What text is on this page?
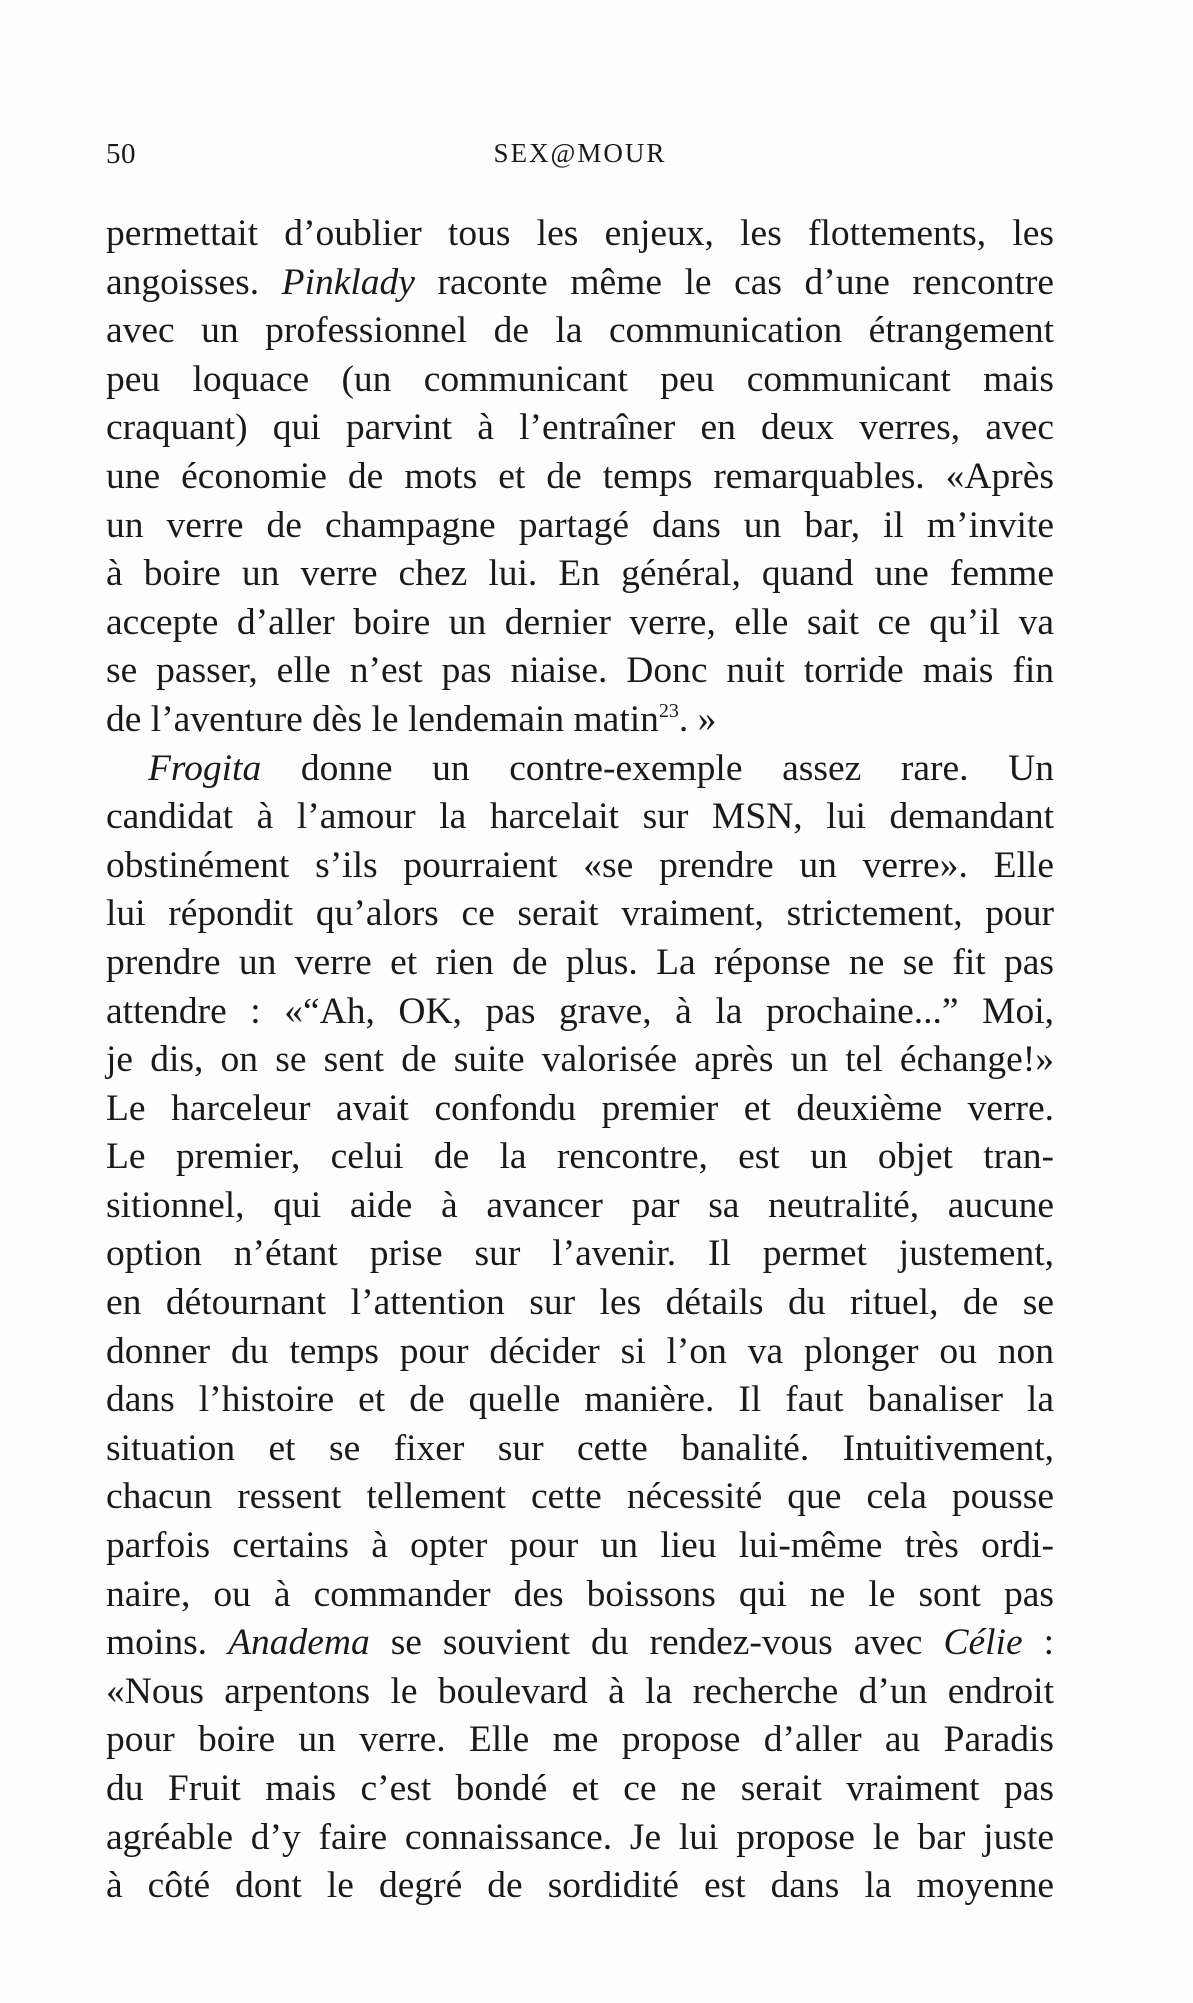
50	SEX@MOUR
permettait d’oublier tous les enjeux, les flottements, les
angoisses. Pinklady raconte même le cas d’une rencontre
avec un professionnel de la communication étrangement
peu loquace (un communicant peu communicant mais
craquant) qui parvint à l’entraîner en deux verres, avec
une économie de mots et de temps remarquables. «Après
un verre de champagne partagé dans un bar, il m’invite
à boire un verre chez lui. En général, quand une femme
accepte d’aller boire un dernier verre, elle sait ce qu’il va
se passer, elle n’est pas niaise. Donc nuit torride mais fin
de l’aventure dès le lendemain matin$^{23}$. »
Frogita donne un contre-exemple assez rare. Un
candidat à l’amour la harcelait sur MSN, lui demandant
obstinément s’ils pourraient «se prendre un verre». Elle
lui répondit qu’alors ce serait vraiment, strictement, pour
prendre un verre et rien de plus. La réponse ne se fit pas
attendre : «“Ah, OK, pas grave, à la prochaine...” Moi,
je dis, on se sent de suite valorisée après un tel échange!»
Le harceleur avait confondu premier et deuxième verre.
Le premier, celui de la rencontre, est un objet tran-
sitionnel, qui aide à avancer par sa neutralité, aucune
option n’étant prise sur l’avenir. Il permet justement,
en détournant l’attention sur les détails du rituel, de se
donner du temps pour décider si l’on va plonger ou non
dans l’histoire et de quelle manière. Il faut banaliser la
situation et se fixer sur cette banalité. Intuitivement,
chacun ressent tellement cette nécessité que cela pousse
parfois certains à opter pour un lieu lui-même très ordi-
naire, ou à commander des boissons qui ne le sont pas
moins. Anadema se souvient du rendez-vous avec Célie :
«Nous arpentons le boulevard à la recherche d’un endroit
pour boire un verre. Elle me propose d’aller au Paradis
du Fruit mais c’est bondé et ce ne serait vraiment pas
agréable d’y faire connaissance. Je lui propose le bar juste
à côté dont le degré de sordidité est dans la moyenne
